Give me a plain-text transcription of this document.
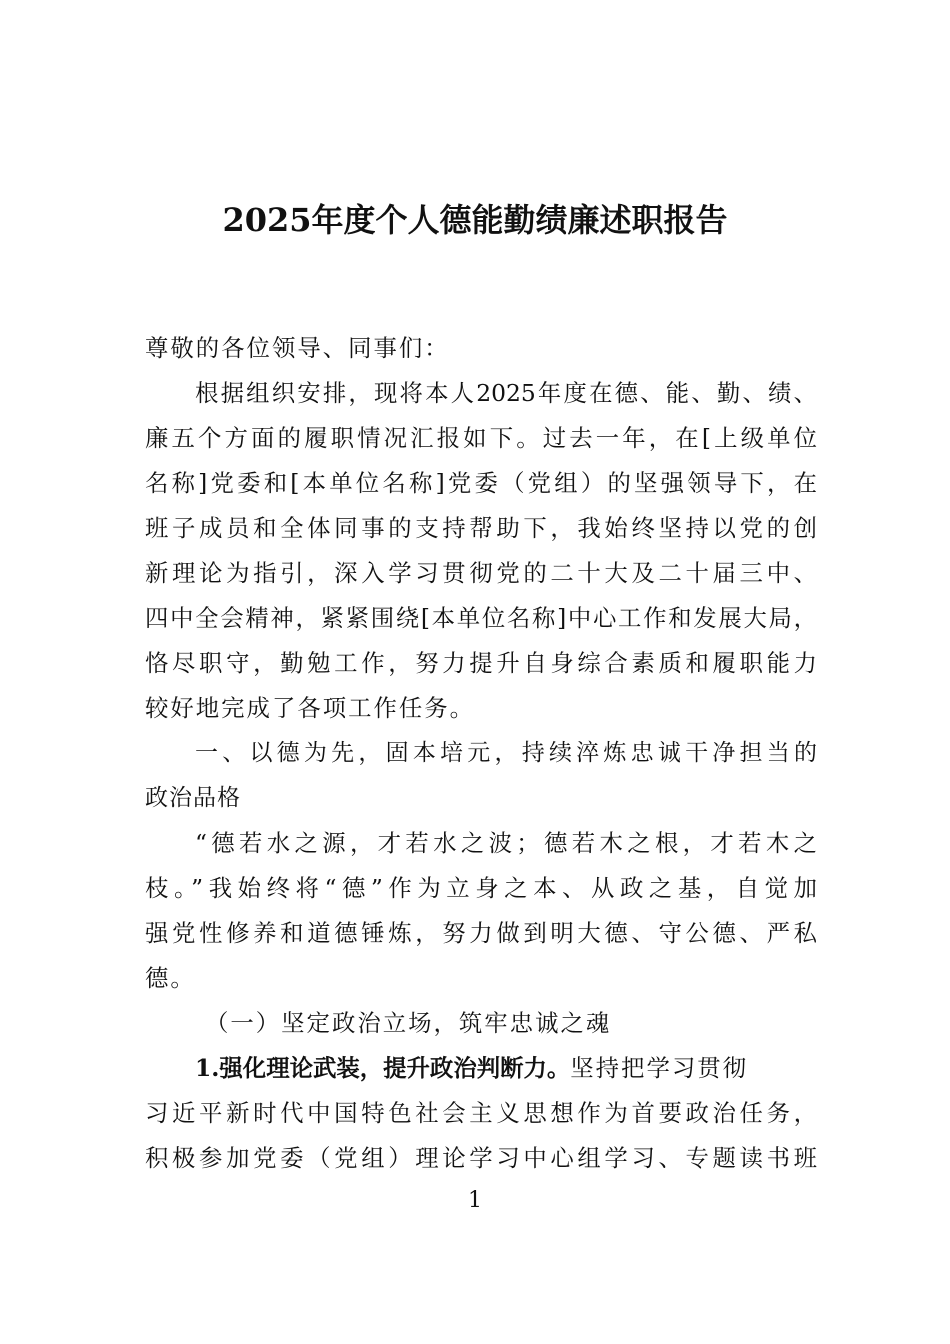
2025年度个人德能勤绩廉述职报告
尊敬的各位领导、同事们：
根据组织安排，现将本人2025年度在德、能、勤、绩、
廉五个方面的履职情况汇报如下。过去一年，在[上级单位
名称]党委和[本单位名称]党委（党组）的坚强领导下，在
班子成员和全体同事的支持帮助下，我始终坚持以党的创
新理论为指引，深入学习贯彻党的二十大及二十届三中、
四中全会精神，紧紧围绕[本单位名称]中心工作和发展大局，
恪尽职守，勤勉工作，努力提升自身综合素质和履职能力
较好地完成了各项工作任务。
一、以德为先，固本培元，持续淬炼忠诚干净担当的
政治品格
“德若水之源，才若水之波；德若木之根，才若木之
枝。”我始终将“德”作为立身之本、从政之基，自觉加
强党性修养和道德锤炼，努力做到明大德、守公德、严私
德。
（一）坚定政治立场，筑牢忠诚之魂
1.强化理论武装，提升政治判断力。坚持把学习贯彻
习近平新时代中国特色社会主义思想作为首要政治任务，
积极参加党委（党组）理论学习中心组学习、专题读书班
1
